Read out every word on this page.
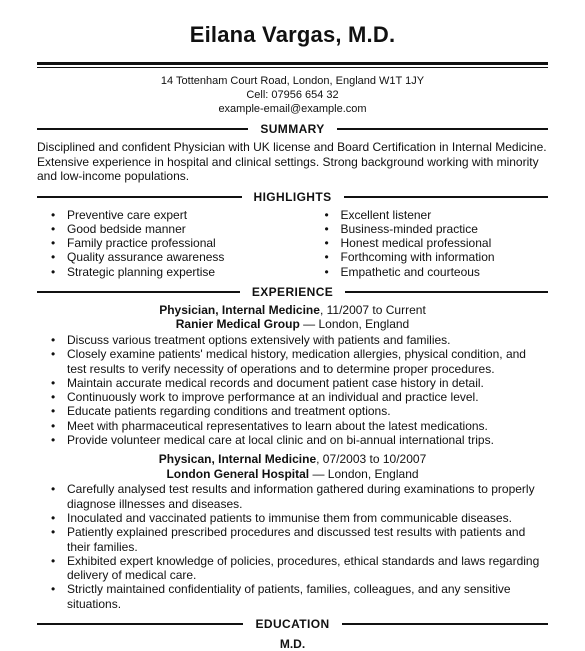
Eilana Vargas, M.D.
14 Tottenham Court Road, London, England W1T 1JY
Cell: 07956 654 32
example-email@example.com
SUMMARY
Disciplined and confident Physician with UK license and Board Certification in Internal Medicine. Extensive experience in hospital and clinical settings. Strong background working with minority and low-income populations.
HIGHLIGHTS
• Preventive care expert
• Good bedside manner
• Family practice professional
• Quality assurance awareness
• Strategic planning expertise
• Excellent listener
• Business-minded practice
• Honest medical professional
• Forthcoming with information
• Empathetic and courteous
EXPERIENCE
Physician, Internal Medicine, 11/2007 to Current
Ranier Medical Group — London, England
• Discuss various treatment options extensively with patients and families.
• Closely examine patients' medical history, medication allergies, physical condition, and test results to verify necessity of operations and to determine proper procedures.
• Maintain accurate medical records and document patient case history in detail.
• Continuously work to improve performance at an individual and practice level.
• Educate patients regarding conditions and treatment options.
• Meet with pharmaceutical representatives to learn about the latest medications.
• Provide volunteer medical care at local clinic and on bi-annual international trips.
Physican, Internal Medicine, 07/2003 to 10/2007
London General Hospital — London, England
• Carefully analysed test results and information gathered during examinations to properly diagnose illnesses and diseases.
• Inoculated and vaccinated patients to immunise them from communicable diseases.
• Patiently explained prescribed procedures and discussed test results with patients and their families.
• Exhibited expert knowledge of policies, procedures, ethical standards and laws regarding delivery of medical care.
• Strictly maintained confidentiality of patients, families, colleagues, and any sensitive situations.
EDUCATION
M.D.
